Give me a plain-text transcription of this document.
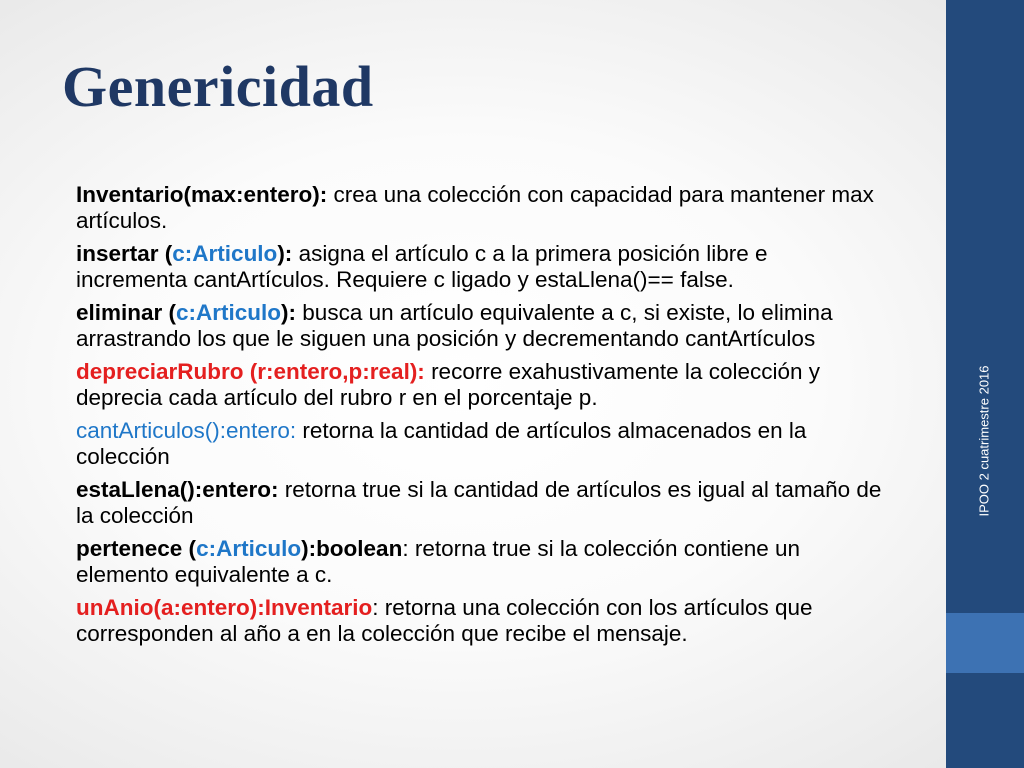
IPOO 2 cuatrimestre 2016
Genericidad

Inventario(max:entero): crea una colección con capacidad para mantener max artículos.

insertar (c:Articulo): asigna el artículo c a la primera posición libre e incrementa cantArtículos. Requiere c ligado y estaLlena()== false.

eliminar (c:Articulo): busca un artículo equivalente a c, si existe, lo elimina arrastrando los que le siguen una posición y decrementando cantArtículos

depreciarRubro (r:entero,p:real): recorre exahustivamente la colección y deprecia cada artículo del rubro r en el porcentaje p.

cantArticulos():entero: retorna la cantidad de artículos almacenados en la colección

estaLlena():entero: retorna true si la cantidad de artículos es igual al tamaño de la colección

pertenece (c:Articulo):boolean: retorna true si la colección contiene un elemento equivalente a c.

unAnio(a:entero):Inventario: retorna una colección con los artículos que corresponden al año a en la colección que recibe el mensaje.
